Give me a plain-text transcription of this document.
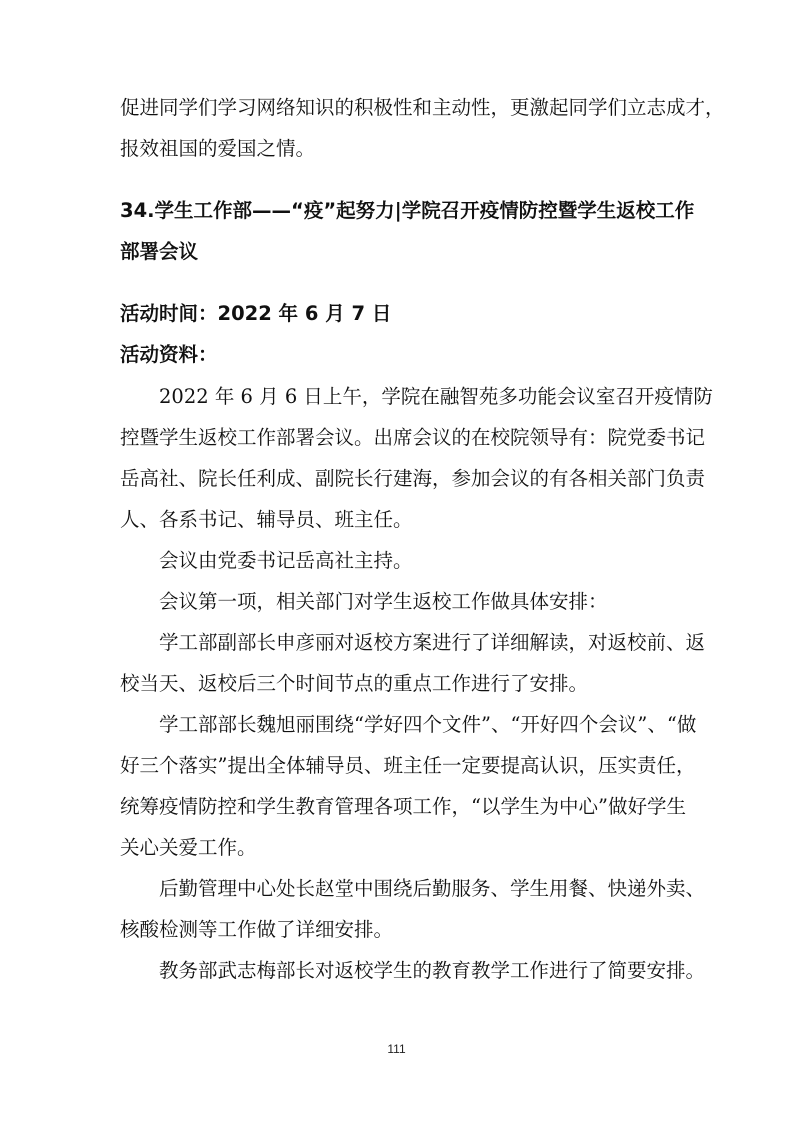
促进同学们学习网络知识的积极性和主动性，更激起同学们立志成才，
报效祖国的爱国之情。
34.学生工作部——“疫”起努力|学院召开疫情防控暨学生返校工作
部署会议
活动时间：2022 年 6 月 7 日
活动资料：
2022 年 6 月 6 日上午，学院在融智苑多功能会议室召开疫情防
控暨学生返校工作部署会议。出席会议的在校院领导有：院党委书记
岳高社、院长任利成、副院长行建海，参加会议的有各相关部门负责
人、各系书记、辅导员、班主任。
会议由党委书记岳高社主持。
会议第一项，相关部门对学生返校工作做具体安排：
学工部副部长申彦丽对返校方案进行了详细解读，对返校前、返
校当天、返校后三个时间节点的重点工作进行了安排。
学工部部长魏旭丽围绕“学好四个文件”、“开好四个会议”、“做
好三个落实”提出全体辅导员、班主任一定要提高认识，压实责任，
统筹疫情防控和学生教育管理各项工作，“以学生为中心”做好学生
关心关爱工作。
后勤管理中心处长赵堂中围绕后勤服务、学生用餐、快递外卖、
核酸检测等工作做了详细安排。
教务部武志梅部长对返校学生的教育教学工作进行了简要安排。
111
